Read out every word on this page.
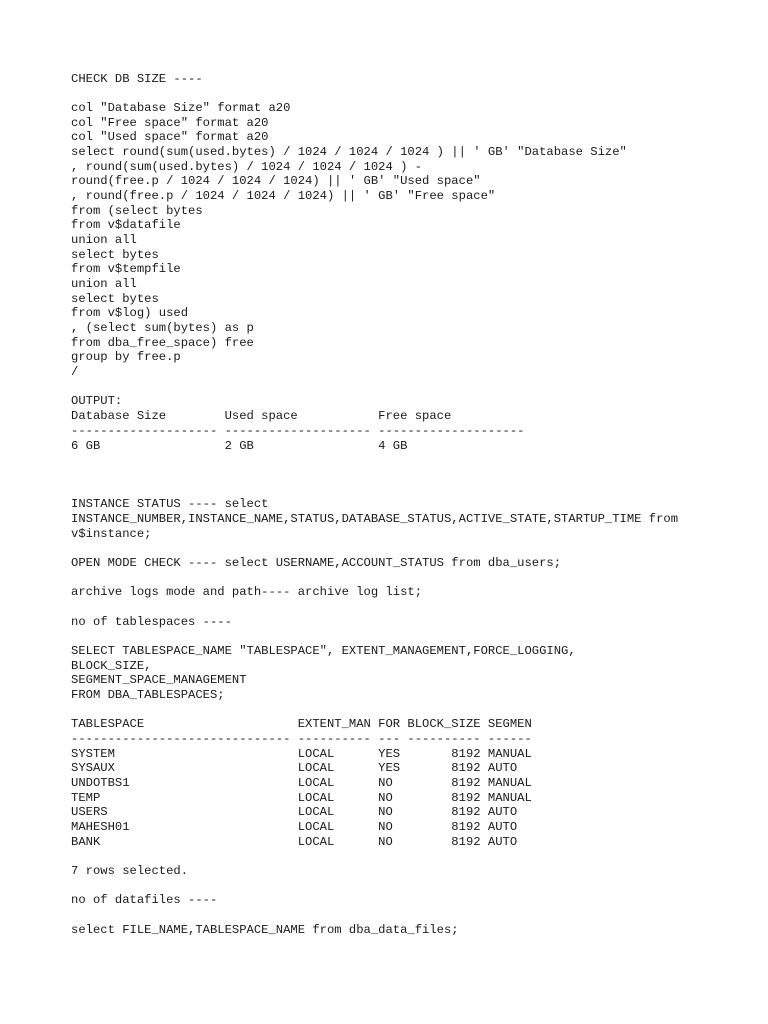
CHECK DB SIZE ----
col "Database Size" format a20
col "Free space" format a20
col "Used space" format a20
select round(sum(used.bytes) / 1024 / 1024 / 1024 ) || ' GB' "Database Size"
, round(sum(used.bytes) / 1024 / 1024 / 1024 ) -
round(free.p / 1024 / 1024 / 1024) || ' GB' "Used space"
, round(free.p / 1024 / 1024 / 1024) || ' GB' "Free space"
from (select bytes
from v$datafile
union all
select bytes
from v$tempfile
union all
select bytes
from v$log) used
, (select sum(bytes) as p
from dba_free_space) free
group by free.p
/
OUTPUT:
Database Size        Used space           Free space
-------------------- -------------------- --------------------
6 GB                 2 GB                 4 GB
INSTANCE STATUS ---- select
INSTANCE_NUMBER,INSTANCE_NAME,STATUS,DATABASE_STATUS,ACTIVE_STATE,STARTUP_TIME from
v$instance;
OPEN MODE CHECK ---- select USERNAME,ACCOUNT_STATUS from dba_users;
archive logs mode and path---- archive log list;
no of tablespaces ----
SELECT TABLESPACE_NAME "TABLESPACE", EXTENT_MANAGEMENT,FORCE_LOGGING,
BLOCK_SIZE,
SEGMENT_SPACE_MANAGEMENT
FROM DBA_TABLESPACES;
TABLESPACE                     EXTENT_MAN FOR BLOCK_SIZE SEGMEN
------------------------------ ---------- --- ---------- ------
SYSTEM                         LOCAL      YES       8192 MANUAL
SYSAUX                         LOCAL      YES       8192 AUTO
UNDOTBS1                       LOCAL      NO        8192 MANUAL
TEMP                           LOCAL      NO        8192 MANUAL
USERS                          LOCAL      NO        8192 AUTO
MAHESH01                       LOCAL      NO        8192 AUTO
BANK                           LOCAL      NO        8192 AUTO
7 rows selected.
no of datafiles ----
select FILE_NAME,TABLESPACE_NAME from dba_data_files;
